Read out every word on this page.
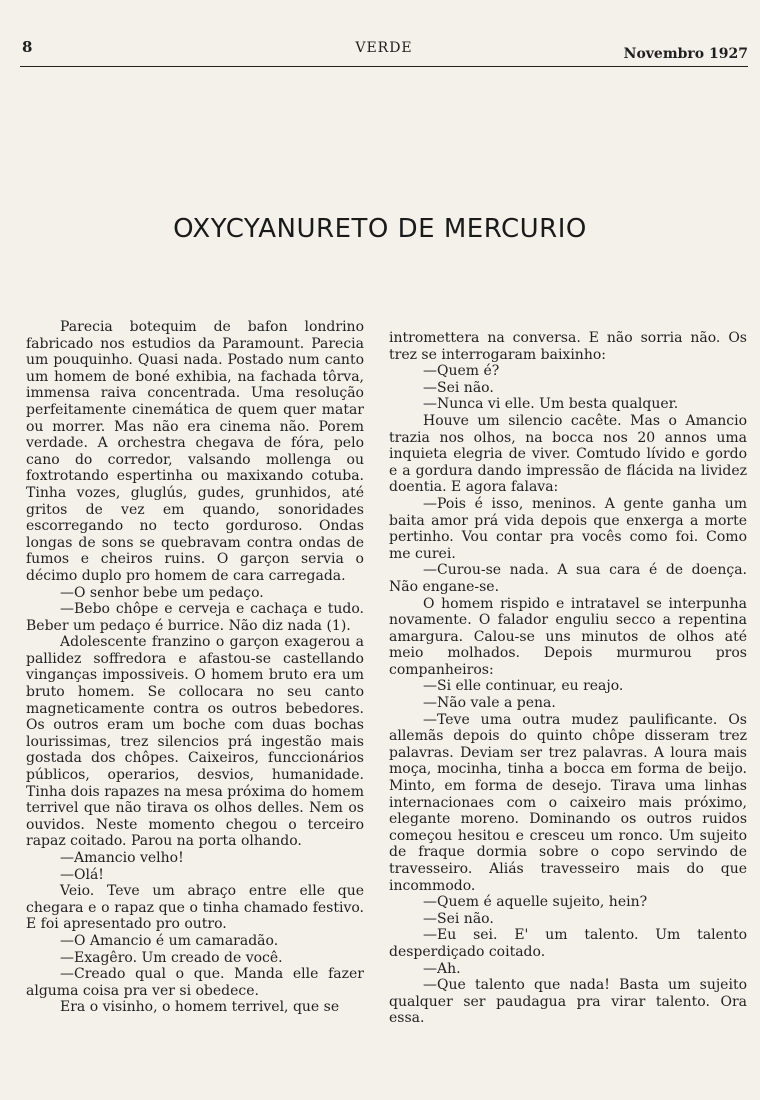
8	VERDE	Novembro 1927
OXYCYANURETO DE MERCURIO

Parecia botequim de bafon londrino fabricado nos estudios da Paramount. Parecia um pouquinho. Quasi nada. Postado num canto um homem de boné exhibia, na fachada tôrva, immensa raiva concentrada. Uma resolução perfeitamente cinemática de quem quer matar ou morrer. Mas não era cinema não. Porem verdade. A orchestra chegava de fóra, pelo cano do corredor, valsando mollenga ou foxtrotando espertinha ou maxixando cotuba. Tinha vozes, gluglús, gudes, grunhidos, até gritos de vez em quando, sonoridades escorregando no tecto gorduroso. Ondas longas de sons se quebravam contra ondas de fumos e cheiros ruins. O garçon servia o décimo duplo pro homem de cara carregada.

—O senhor bebe um pedaço.

—Bebo chôpe e cerveja e cachaça e tudo. Beber um pedaço é burrice. Não diz nada (1).

Adolescente franzino o garçon exagerou a pallidez soffredora e afastou-se castellando vinganças impossiveis. O homem bruto era um bruto homem. Se collocara no seu canto magneticamente contra os outros bebedores. Os outros eram um boche com duas bochas lourissimas, trez silencios prá ingestão mais gostada dos chôpes. Caixeiros, funccionários públicos, operarios, desvios, humanidade. Tinha dois rapazes na mesa próxima do homem terrivel que não tirava os olhos delles. Nem os ouvidos. Neste momento chegou o terceiro rapaz coitado. Parou na porta olhando.

—Amancio velho!

—Olá!

Veio. Teve um abraço entre elle que chegara e o rapaz que o tinha chamado festivo. E foi apresentado pro outro.

—O Amancio é um camaradão.

—Exagêro. Um creado de você.

—Creado qual o que. Manda elle fazer alguma coisa pra ver si obedece.

Era o visinho, o homem terrivel, que se

intromettera na conversa. E não sorria não. Os trez se interrogaram baixinho:

—Quem é?

—Sei não.

—Nunca vi elle. Um besta qualquer.

Houve um silencio cacête. Mas o Amancio trazia nos olhos, na bocca nos 20 annos uma inquieta elegria de viver. Comtudo lívido e gordo e a gordura dando impressão de flácida na lividez doentia. E agora falava:

—Pois é isso, meninos. A gente ganha um baita amor prá vida depois que enxerga a morte pertinho. Vou contar pra vocês como foi. Como me curei.

—Curou-se nada. A sua cara é de doença. Não engane-se.

O homem rispido e intratavel se interpunha novamente. O falador enguliu secco a repentina amargura. Calou-se uns minutos de olhos até meio molhados. Depois murmurou pros companheiros:

—Si elle continuar, eu reajo.

—Não vale a pena.

—Teve uma outra mudez paulificante. Os allemãs depois do quinto chôpe disseram trez palavras. Deviam ser trez palavras. A loura mais moça, mocinha, tinha a bocca em forma de beijo. Minto, em forma de desejo. Tirava uma linhas internacionaes com o caixeiro mais próximo, elegante moreno. Dominando os outros ruidos começou hesitou e cresceu um ronco. Um sujeito de fraque dormia sobre o copo servindo de travesseiro. Aliás travesseiro mais do que incommodo.

—Quem é aquelle sujeito, hein?

—Sei não.

—Eu sei. E' um talento. Um talento desperdiçado coitado.

—Ah.

—Que talento que nada! Basta um sujeito qualquer ser paudagua pra virar talento. Ora essa.
